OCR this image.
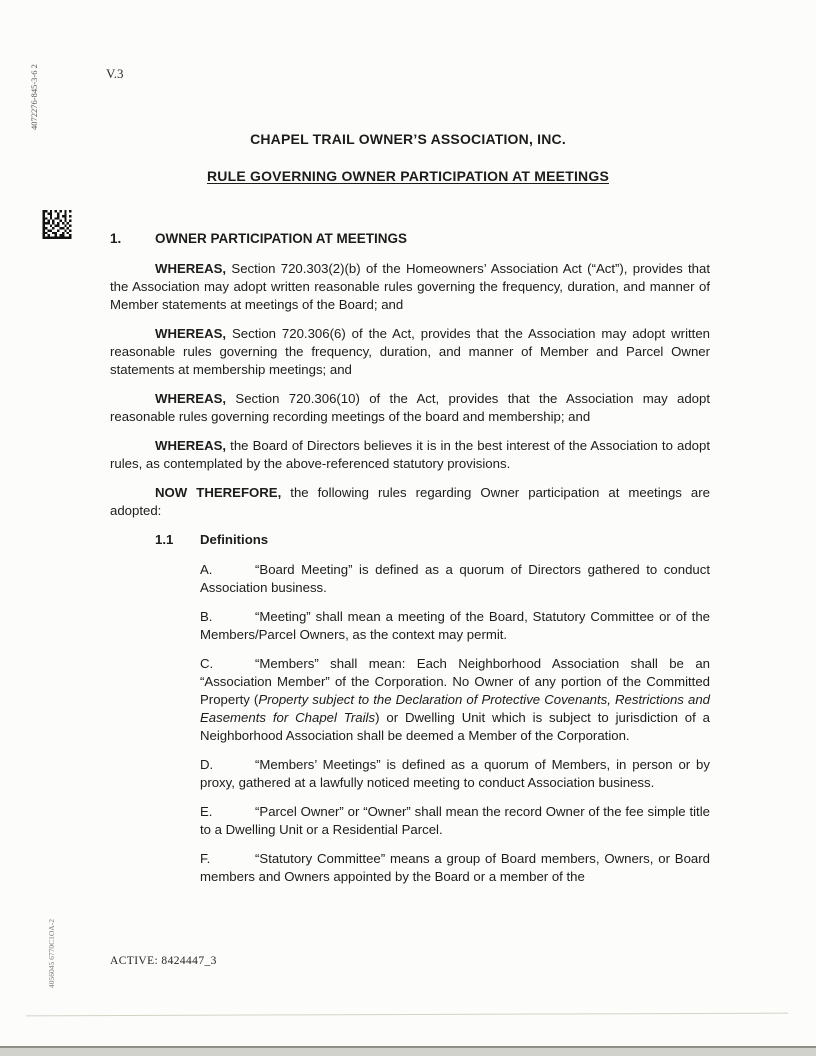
4072276-845-3-6 2
4056045 6770C1OA-2
V.3
CHAPEL TRAIL OWNER’S ASSOCIATION, INC.
RULE GOVERNING OWNER PARTICIPATION AT MEETINGS
1. OWNER PARTICIPATION AT MEETINGS

WHEREAS, Section 720.303(2)(b) of the Homeowners’ Association Act (“Act”), provides that the Association may adopt written reasonable rules governing the frequency, duration, and manner of Member statements at meetings of the Board; and

WHEREAS, Section 720.306(6) of the Act, provides that the Association may adopt written reasonable rules governing the frequency, duration, and manner of Member and Parcel Owner statements at membership meetings; and

WHEREAS, Section 720.306(10) of the Act, provides that the Association may adopt reasonable rules governing recording meetings of the board and membership; and

WHEREAS, the Board of Directors believes it is in the best interest of the Association to adopt rules, as contemplated by the above-referenced statutory provisions.

NOW THEREFORE, the following rules regarding Owner participation at meetings are adopted:

1.1 Definitions

A.	“Board Meeting” is defined as a quorum of Directors gathered to conduct Association business.

B.	“Meeting” shall mean a meeting of the Board, Statutory Committee or of the Members/Parcel Owners, as the context may permit.

C.	“Members” shall mean: Each Neighborhood Association shall be an “Association Member” of the Corporation. No Owner of any portion of the Committed Property (Property subject to the Declaration of Protective Covenants, Restrictions and Easements for Chapel Trails) or Dwelling Unit which is subject to jurisdiction of a Neighborhood Association shall be deemed a Member of the Corporation.

D.	“Members’ Meetings” is defined as a quorum of Members, in person or by proxy, gathered at a lawfully noticed meeting to conduct Association business.

E.	“Parcel Owner” or “Owner” shall mean the record Owner of the fee simple title to a Dwelling Unit or a Residential Parcel.

F.	“Statutory Committee” means a group of Board members, Owners, or Board members and Owners appointed by the Board or a member of the

ACTIVE: 8424447_3
